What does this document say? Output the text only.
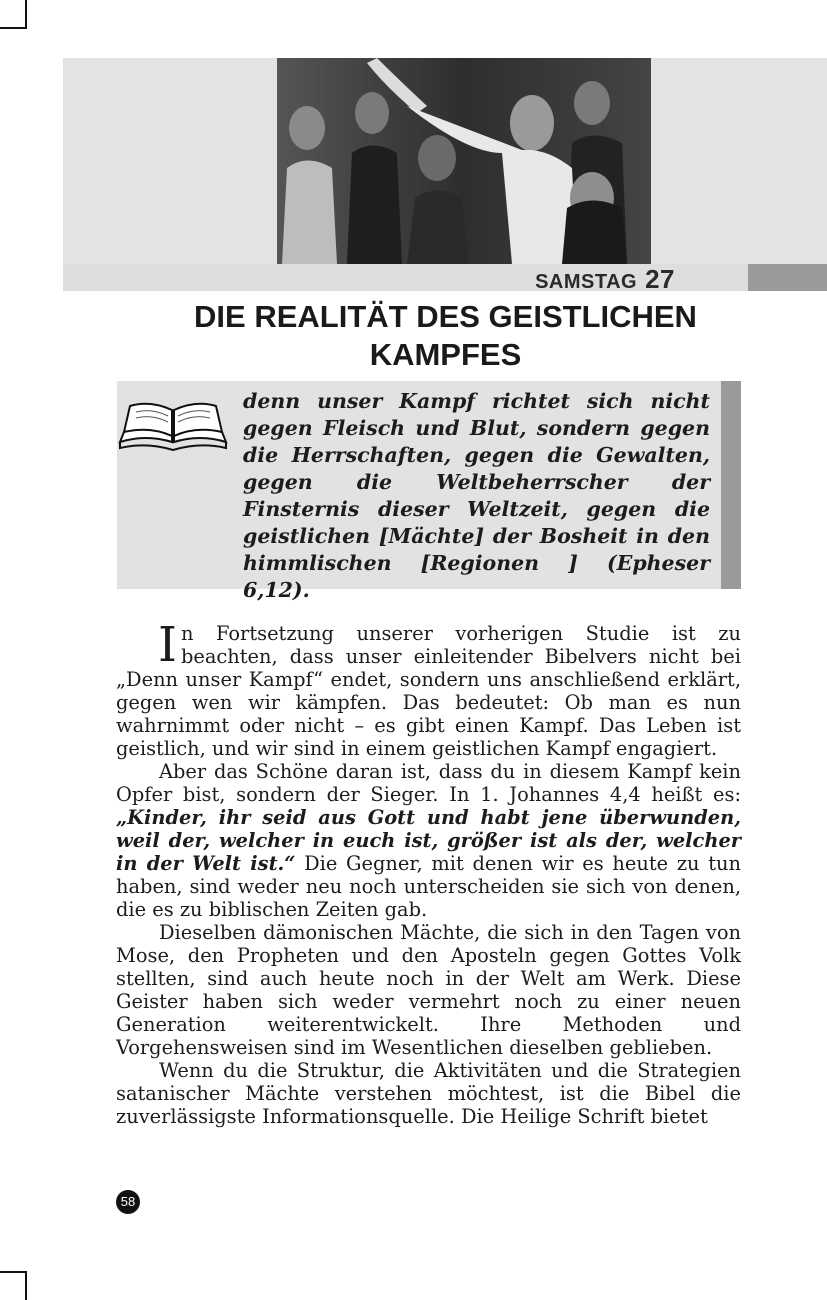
SAMSTAG 27
DIE REALITÄT DES GEISTLICHEN
KAMPFES
denn unser Kampf richtet sich nicht gegen Fleisch und Blut, sondern gegen die Herrschaften, gegen die Gewalten, gegen die Weltbeherrscher der Finsternis dieser Weltzeit, gegen die geistlichen [Mächte] der Bosheit in den himmlischen [Regionen ] (Epheser 6,12).

In Fortsetzung unserer vorherigen Studie ist zu beachten, dass unser einleitender Bibelvers nicht bei „Denn unser Kampf“ endet, sondern uns anschließend erklärt, gegen wen wir kämpfen. Das bedeutet: Ob man es nun wahrnimmt oder nicht – es gibt einen Kampf. Das Leben ist geistlich, und wir sind in einem geistlichen Kampf engagiert.

Aber das Schöne daran ist, dass du in diesem Kampf kein Opfer bist, sondern der Sieger. In 1. Johannes 4,4 heißt es: „Kinder, ihr seid aus Gott und habt jene überwunden, weil der, welcher in euch ist, größer ist als der, welcher in der Welt ist.“ Die Gegner, mit denen wir es heute zu tun haben, sind weder neu noch unterscheiden sie sich von denen, die es zu biblischen Zeiten gab.

Dieselben dämonischen Mächte, die sich in den Tagen von Mose, den Propheten und den Aposteln gegen Gottes Volk stellten, sind auch heute noch in der Welt am Werk. Diese Geister haben sich weder vermehrt noch zu einer neuen Generation weiterentwickelt. Ihre Methoden und Vorgehensweisen sind im Wesentlichen dieselben geblieben.

Wenn du die Struktur, die Aktivitäten und die Strategien satanischer Mächte verstehen möchtest, ist die Bibel die zuverlässigste Informationsquelle. Die Heilige Schrift bietet

58
